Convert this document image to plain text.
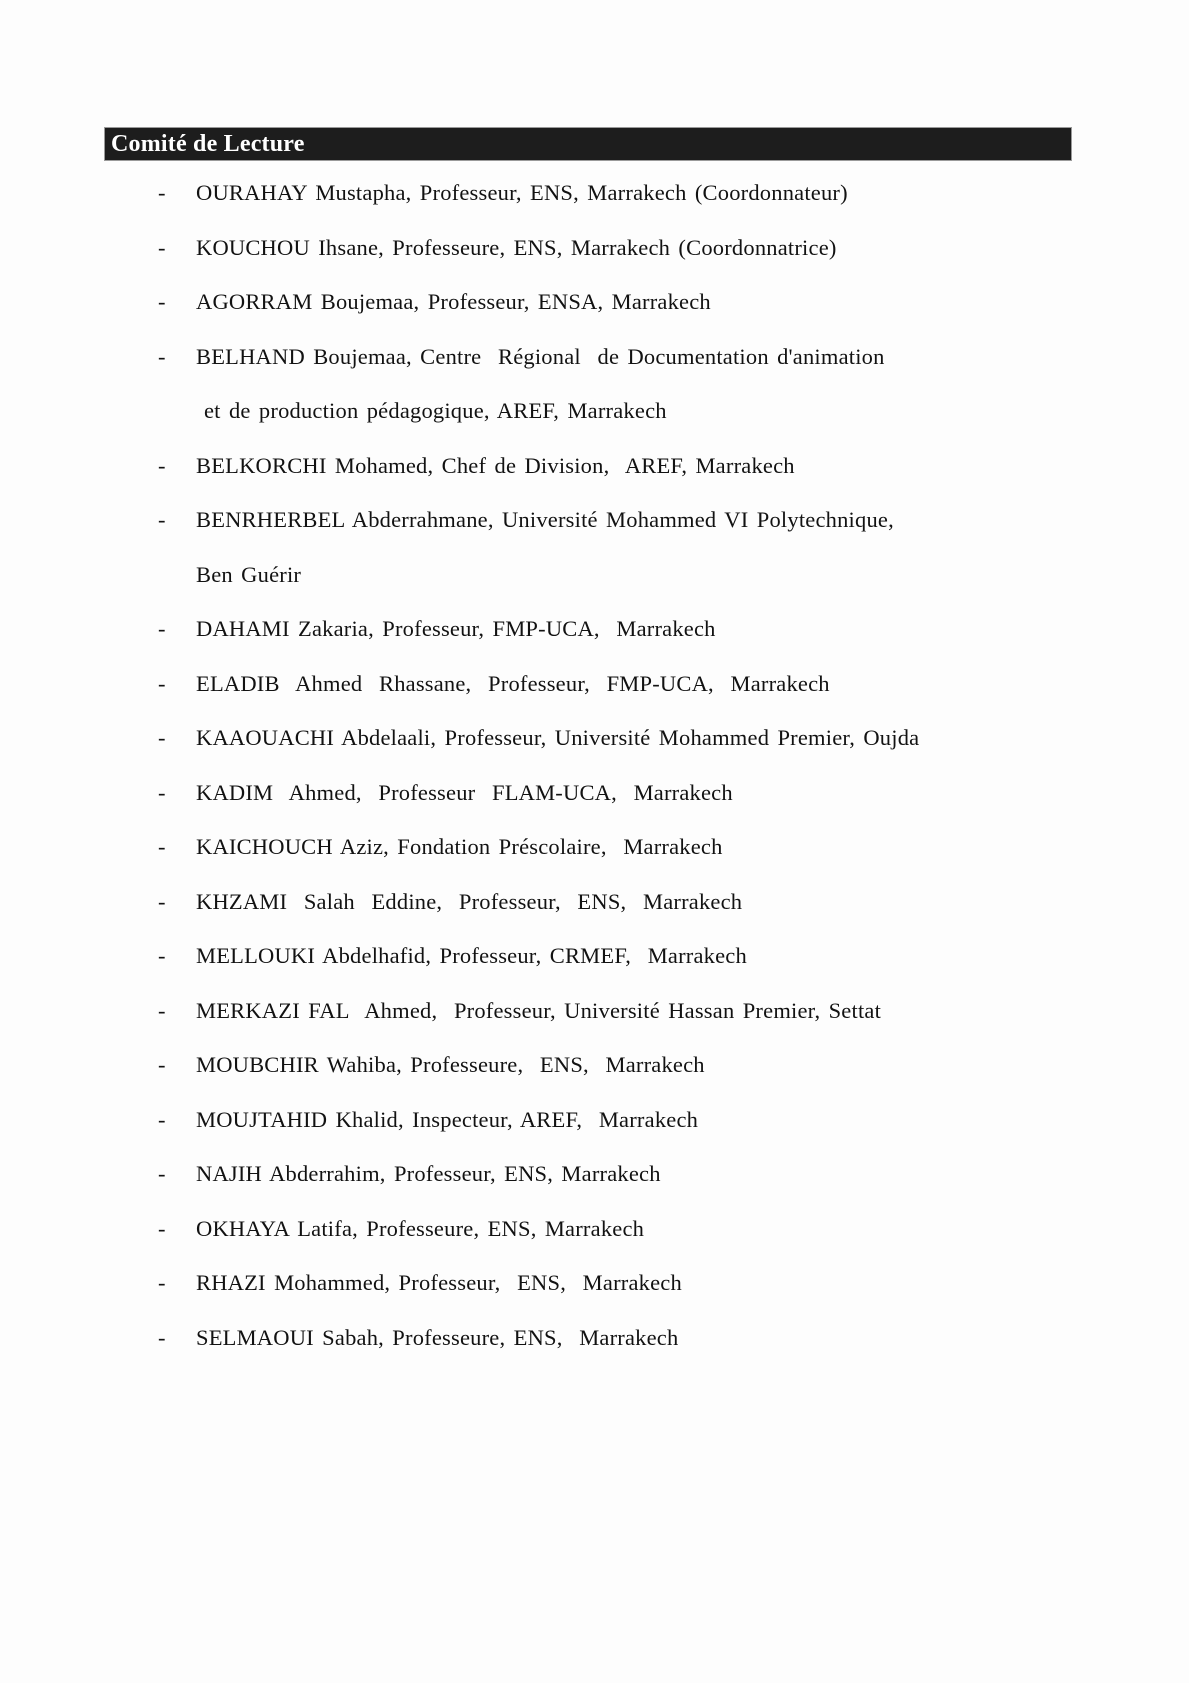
Comité de Lecture
-	OURAHAY Mustapha, Professeur, ENS, Marrakech (Coordonnateur)
-	KOUCHOU Ihsane, Professeure, ENS, Marrakech (Coordonnatrice)
-	AGORRAM Boujemaa, Professeur, ENSA, Marrakech
-	BELHAND Boujemaa, Centre  Régional  de Documentation d'animation
et de production pédagogique, AREF, Marrakech
-	BELKORCHI Mohamed, Chef de Division,  AREF, Marrakech
-	BENRHERBEL Abderrahmane, Université Mohammed VI Polytechnique,
Ben Guérir
-	DAHAMI Zakaria, Professeur, FMP-UCA,  Marrakech
-	ELADIB  Ahmed  Rhassane,  Professeur,  FMP-UCA,  Marrakech
-	KAAOUACHI Abdelaali, Professeur, Université Mohammed Premier, Oujda
-	KADIM  Ahmed,  Professeur  FLAM-UCA,  Marrakech
-	KAICHOUCH Aziz, Fondation Préscolaire,  Marrakech
-	KHZAMI  Salah  Eddine,  Professeur,  ENS,  Marrakech
-	MELLOUKI Abdelhafid, Professeur, CRMEF,  Marrakech
-	MERKAZI FAL  Ahmed,  Professeur, Université Hassan Premier, Settat
-	MOUBCHIR Wahiba, Professeure,  ENS,  Marrakech
-	MOUJTAHID Khalid, Inspecteur, AREF,  Marrakech
-	NAJIH Abderrahim, Professeur, ENS, Marrakech
-	OKHAYA Latifa, Professeure, ENS, Marrakech
-	RHAZI Mohammed, Professeur,  ENS,  Marrakech
-	SELMAOUI Sabah, Professeure, ENS,  Marrakech
